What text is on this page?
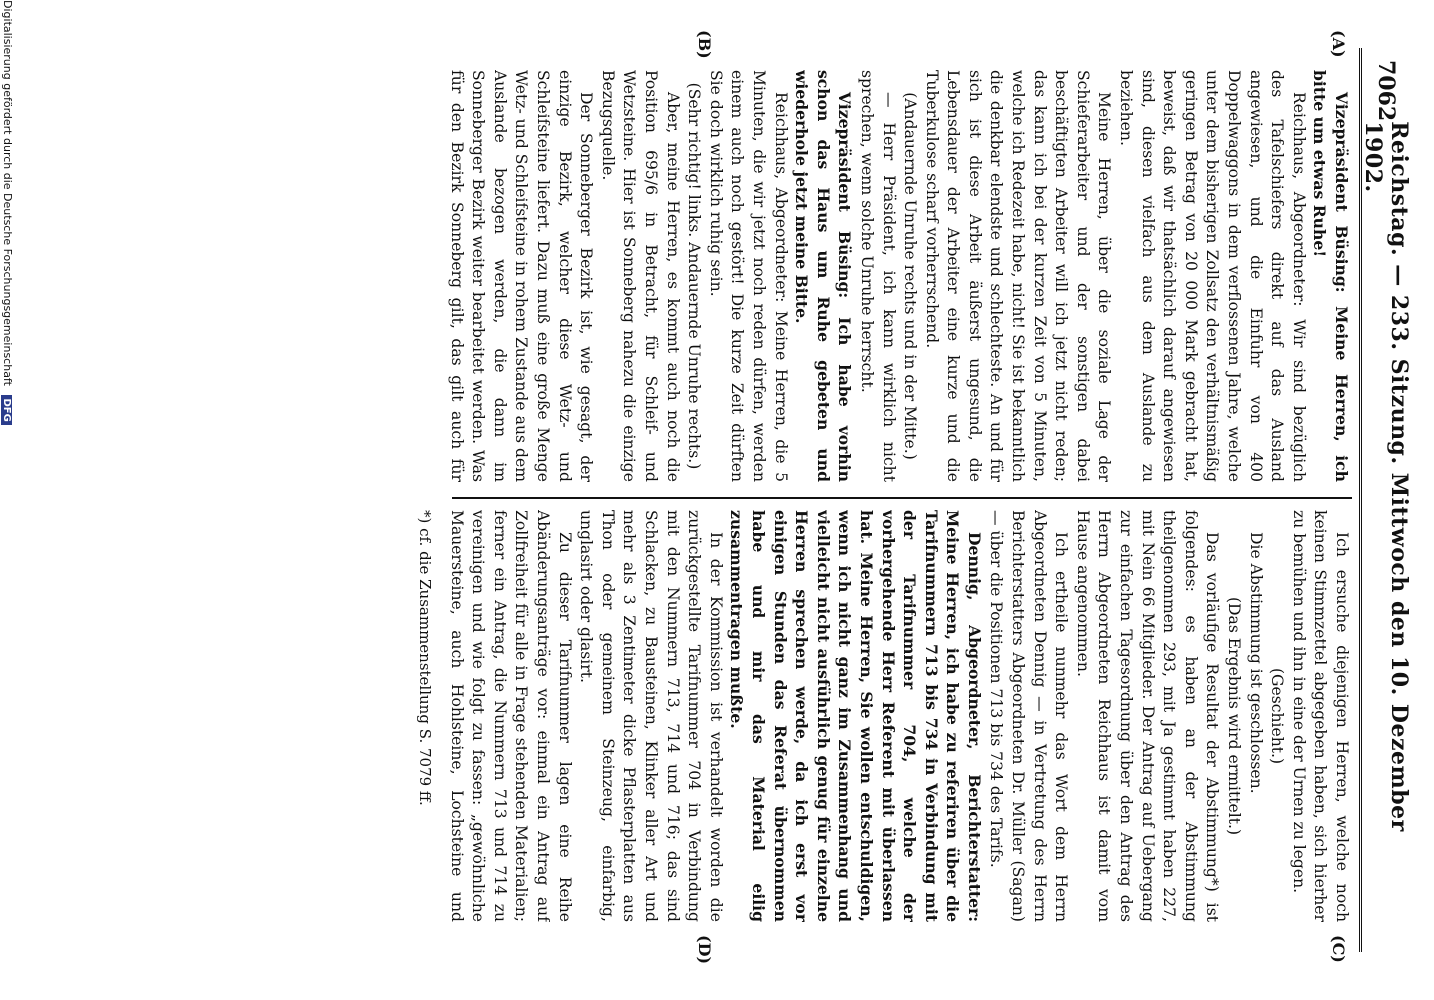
7062
Reichstag. — 233. Sitzung. Mittwoch den 10. Dezember 1902.
(A)
(B)
(C)
(D)

Vizepräsident Büsing: Meine Herren, ich bitte um etwas Ruhe!

Reichhaus, Abgeordneter: Wir sind bezüglich des Tafelschiefers direkt auf das Ausland angewiesen, und die Einfuhr von 400 Doppelwaggons in dem verflossenen Jahre, welche unter dem bisherigen Zollsatz den verhältnismäßig geringen Betrag von 20 000 Mark gebracht hat, beweist, daß wir thatsächlich darauf angewiesen sind, diesen vielfach aus dem Auslande zu beziehen.

Meine Herren, über die soziale Lage der Schieferarbeiter und der sonstigen dabei beschäftigten Arbeiter will ich jetzt nicht reden; das kann ich bei der kurzen Zeit von 5 Minuten, welche ich Redezeit habe, nicht! Sie ist bekanntlich die denkbar elendste und schlechteste. An und für sich ist diese Arbeit äußerst ungesund, die Lebensdauer der Arbeiter eine kurze und die Tuberkulose scharf vorherrschend.

(Andauernde Unruhe rechts und in der Mitte.)

— Herr Präsident, ich kann wirklich nicht sprechen, wenn solche Unruhe herrscht.

Vizepräsident Büsing: Ich habe vorhin schon das Haus um Ruhe gebeten und wiederhole jetzt meine Bitte.

Reichhaus, Abgeordneter: Meine Herren, die 5 Minuten, die wir jetzt noch reden dürfen, werden einem auch noch gestört! Die kurze Zeit dürften Sie doch wirklich ruhig sein.

(Sehr richtig! links. Andauernde Unruhe rechts.)

Aber, meine Herren, es kommt auch noch die Position 695/6 in Betracht, für Schleif- und Wetzsteine. Hier ist Sonneberg nahezu die einzige Bezugsquelle.

Der Sonneberger Bezirk ist, wie gesagt, der einzige Bezirk, welcher diese Wetz- und Schleifsteine liefert. Dazu muß eine große Menge Wetz- und Schleifsteine in rohem Zustande aus dem Auslande bezogen werden, die dann im Sonneberger Bezirk weiter bearbeitet werden. Was für den Bezirk Sonneberg gilt, das gilt auch für

Ich ersuche diejenigen Herren, welche noch keinen Stimmzettel abgegeben haben, sich hierher zu bemühen und ihn in eine der Urnen zu legen.

(Geschieht.)

Die Abstimmung ist geschlossen.

(Das Ergebnis wird ermittelt.)

Das vorläufige Resultat der Abstimmung*) ist folgendes: es haben an der Abstimmung theilgenommen 293, mit Ja gestimmt haben 227, mit Nein 66 Mitglieder. Der Antrag auf Uebergang zur einfachen Tagesordnung über den Antrag des Herrn Abgeordneten Reichhaus ist damit vom Hause angenommen.

Ich ertheile nunmehr das Wort dem Herrn Abgeordneten Dennig — in Vertretung des Herrn Berichterstatters Abgeordneten Dr. Müller (Sagan) — über die Positionen 713 bis 734 des Tarifs.

Dennig, Abgeordneter, Berichterstatter: Meine Herren, ich habe zu referiren über die Tarifnummern 713 bis 734 in Verbindung mit der Tarifnummer 704, welche der vorhergehende Herr Referent mit überlassen hat. Meine Herren, Sie wollen entschuldigen, wenn ich nicht ganz im Zusammenhang und vielleicht nicht ausführlich genug für einzelne Herren sprechen werde, da ich erst vor einigen Stunden das Referat übernommen habe und mir das Material eilig zusammentragen mußte.

In der Kommission ist verhandelt worden die zurückgestellte Tarifnummer 704 in Verbindung mit den Nummern 713, 714 und 716; das sind Schlacken, zu Bausteinen, Klinker aller Art und mehr als 3 Zentimeter dicke Pflasterplatten aus Thon oder gemeinem Steinzeug, einfarbig, unglasirt oder glasirt.

Zu dieser Tarifnummer lagen eine Reihe Abänderungsanträge vor: einmal ein Antrag auf Zollfreiheit für alle in Frage stehenden Materialien; ferner ein Antrag, die Nummern 713 und 714 zu vereinigen und wie folgt zu fassen: „gewöhnliche Mauersteine, auch Hohlsteine, Lochsteine und

*) cf. die Zusammenstellung S. 7079 ff.
Digitalisierung gefördert durch die Deutsche Forschungsgemeinschaft DFG
